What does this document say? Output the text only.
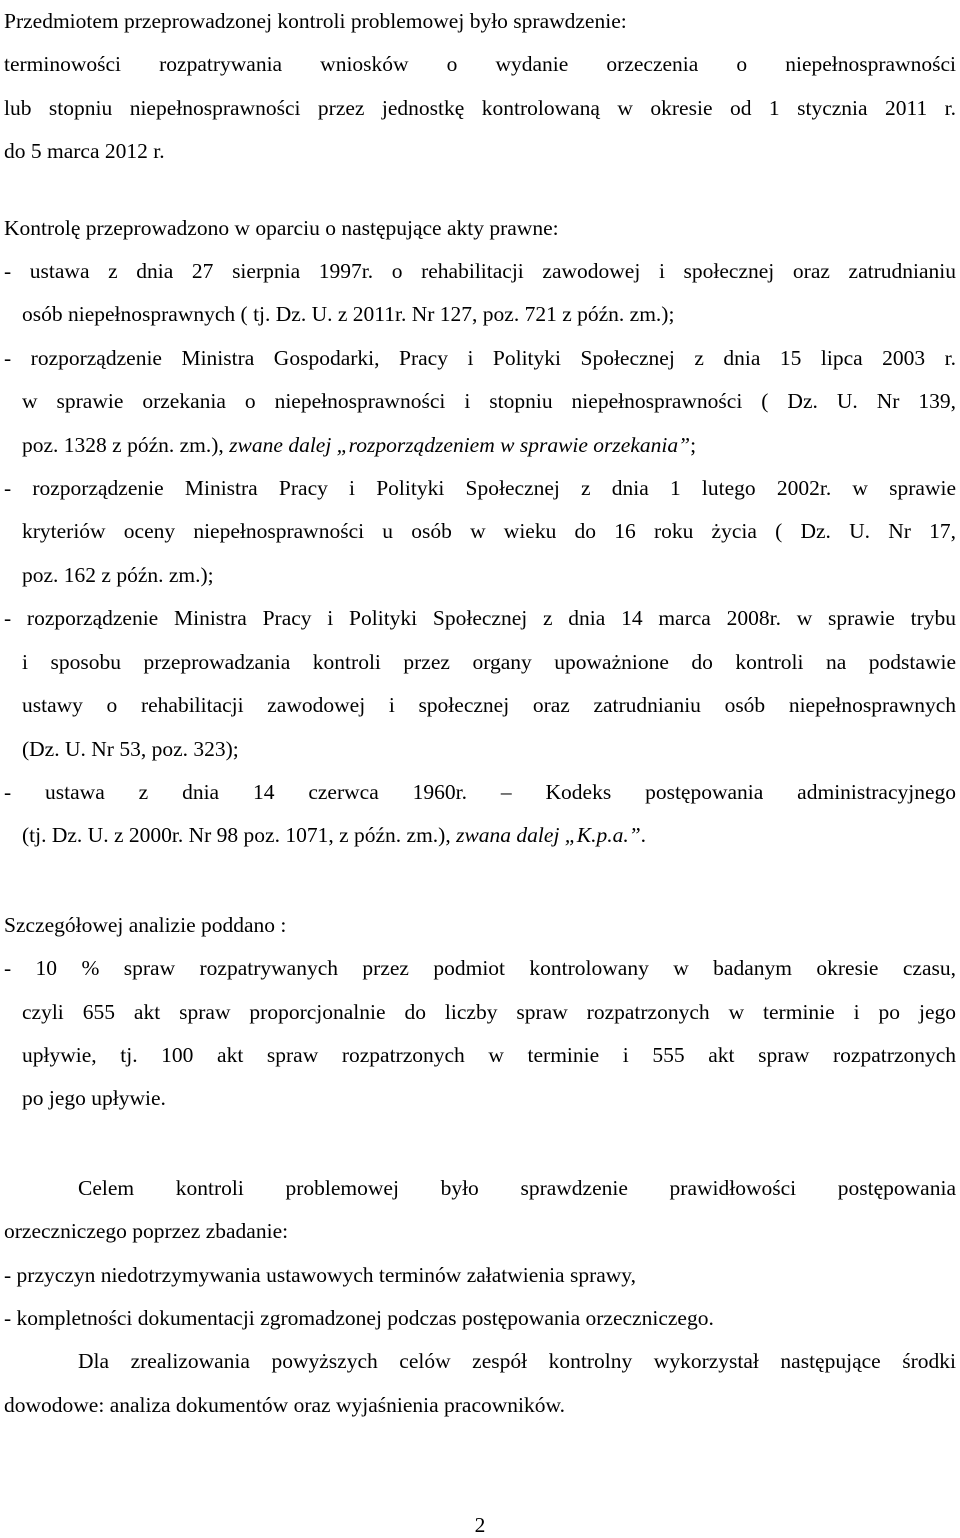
Przedmiotem przeprowadzonej kontroli problemowej było sprawdzenie:

terminowości rozpatrywania wniosków o wydanie orzeczenia o niepełnosprawności

lub stopniu niepełnosprawności przez jednostkę kontrolowaną w okresie od 1 stycznia 2011 r.

do 5 marca 2012 r.

Kontrolę przeprowadzono w oparciu o następujące akty prawne:

- ustawa z dnia 27 sierpnia 1997r. o rehabilitacji zawodowej i społecznej oraz zatrudnianiu

osób niepełnosprawnych ( tj. Dz. U. z 2011r. Nr 127, poz. 721 z późn. zm.);

- rozporządzenie Ministra Gospodarki, Pracy i Polityki Społecznej z dnia 15 lipca 2003 r.

w sprawie orzekania o niepełnosprawności i stopniu niepełnosprawności ( Dz. U. Nr 139,

poz. 1328 z późn. zm.), zwane dalej „rozporządzeniem w sprawie orzekania”;

- rozporządzenie Ministra Pracy i Polityki Społecznej z dnia 1 lutego 2002r. w sprawie

kryteriów oceny niepełnosprawności u osób w wieku do 16 roku życia ( Dz. U. Nr 17,

poz. 162 z późn. zm.);

- rozporządzenie Ministra Pracy i Polityki Społecznej z dnia 14 marca 2008r. w sprawie trybu

i sposobu przeprowadzania kontroli przez organy upoważnione do kontroli na podstawie

ustawy o rehabilitacji zawodowej i społecznej oraz zatrudnianiu osób niepełnosprawnych

(Dz. U. Nr 53, poz. 323);

- ustawa z dnia 14 czerwca 1960r. – Kodeks postępowania administracyjnego

(tj. Dz. U. z 2000r. Nr 98 poz. 1071, z późn. zm.), zwana dalej „K.p.a.”.

Szczegółowej analizie poddano :

- 10 % spraw rozpatrywanych przez podmiot kontrolowany w badanym okresie czasu,

czyli 655 akt spraw proporcjonalnie do liczby spraw rozpatrzonych w terminie i po jego

upływie, tj. 100 akt spraw rozpatrzonych w terminie i 555 akt spraw rozpatrzonych

po jego upływie.

Celem kontroli problemowej było sprawdzenie prawidłowości postępowania

orzeczniczego poprzez zbadanie:

- przyczyn niedotrzymywania ustawowych terminów załatwienia sprawy,

- kompletności dokumentacji zgromadzonej podczas postępowania orzeczniczego.

Dla zrealizowania powyższych celów zespół kontrolny wykorzystał następujące środki

dowodowe: analiza dokumentów oraz wyjaśnienia pracowników.

2
